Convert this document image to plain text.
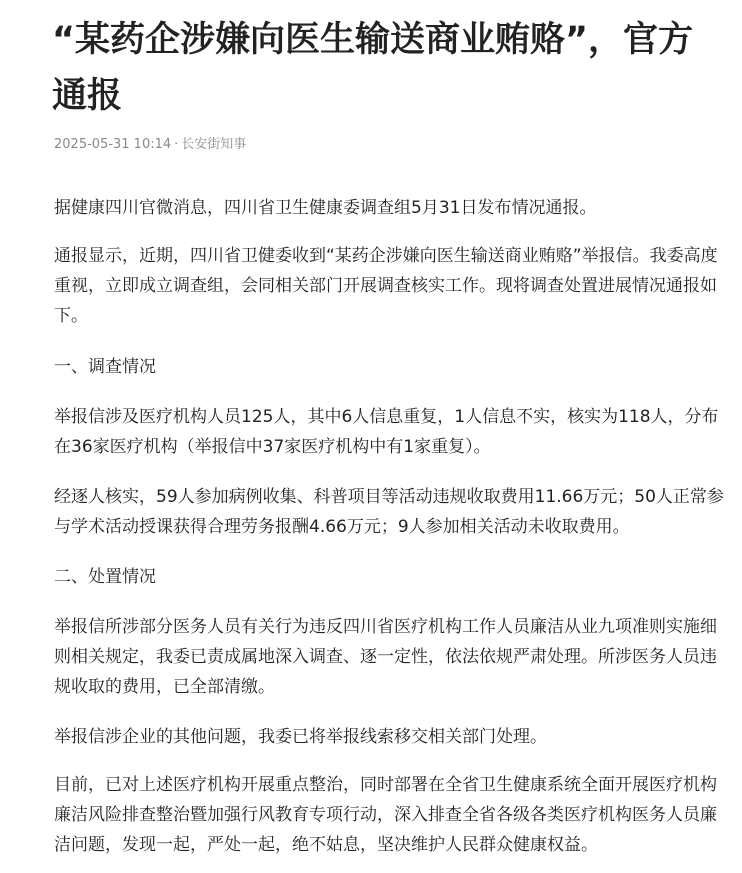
“某药企涉嫌向医生输送商业贿赂”，官方
通报
2025-05-31 10:14 · 长安街知事

据健康四川官微消息，四川省卫生健康委调查组5月31日发布情况通报。

通报显示，近期，四川省卫健委收到“某药企涉嫌向医生输送商业贿赂”举报信。我委高度重视，立即成立调查组，会同相关部门开展调查核实工作。现将调查处置进展情况通报如下。

一、调查情况

举报信涉及医疗机构人员125人，其中6人信息重复，1人信息不实，核实为118人，分布在36家医疗机构（举报信中37家医疗机构中有1家重复）。

经逐人核实，59人参加病例收集、科普项目等活动违规收取费用11.66万元；50人正常参与学术活动授课获得合理劳务报酬4.66万元；9人参加相关活动未收取费用。

二、处置情况

举报信所涉部分医务人员有关行为违反四川省医疗机构工作人员廉洁从业九项准则实施细则相关规定，我委已责成属地深入调查、逐一定性，依法依规严肃处理。所涉医务人员违规收取的费用，已全部清缴。

举报信涉企业的其他问题，我委已将举报线索移交相关部门处理。

目前，已对上述医疗机构开展重点整治，同时部署在全省卫生健康系统全面开展医疗机构廉洁风险排查整治暨加强行风教育专项行动，深入排查全省各级各类医疗机构医务人员廉洁问题，发现一起，严处一起，绝不姑息，坚决维护人民群众健康权益。
